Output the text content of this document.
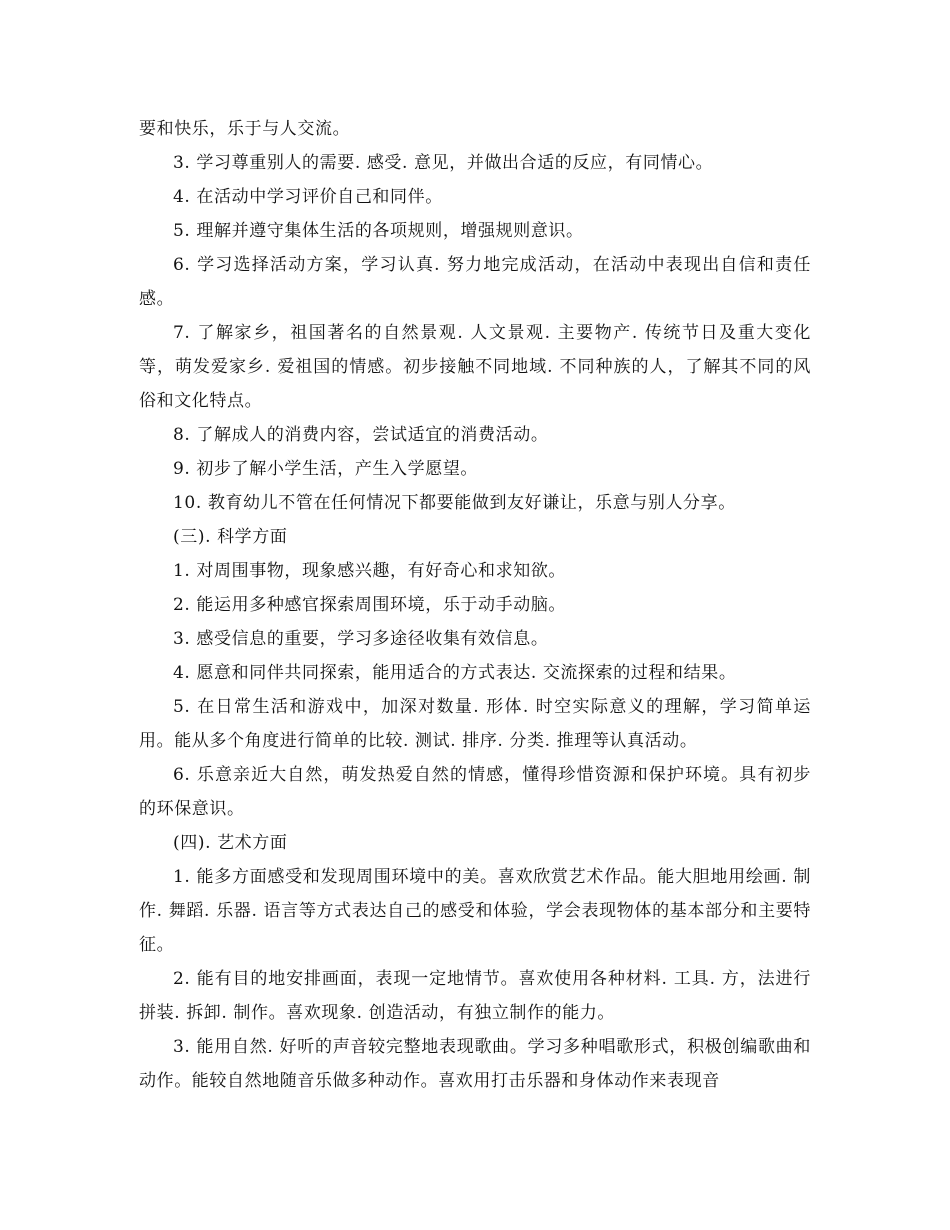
要和快乐，乐于与人交流。

3. 学习尊重别人的需要. 感受. 意见，并做出合适的反应，有同情心。

4. 在活动中学习评价自己和同伴。

5. 理解并遵守集体生活的各项规则，增强规则意识。

6. 学习选择活动方案，学习认真. 努力地完成活动，在活动中表现出自信和责任感。

7. 了解家乡，祖国著名的自然景观. 人文景观. 主要物产. 传统节日及重大变化等，萌发爱家乡. 爱祖国的情感。初步接触不同地域. 不同种族的人，了解其不同的风俗和文化特点。

8. 了解成人的消费内容，尝试适宜的消费活动。

9. 初步了解小学生活，产生入学愿望。

10. 教育幼儿不管在任何情况下都要能做到友好谦让，乐意与别人分享。

(三). 科学方面

1. 对周围事物，现象感兴趣，有好奇心和求知欲。

2. 能运用多种感官探索周围环境，乐于动手动脑。

3. 感受信息的重要，学习多途径收集有效信息。

4. 愿意和同伴共同探索，能用适合的方式表达. 交流探索的过程和结果。

5. 在日常生活和游戏中，加深对数量. 形体. 时空实际意义的理解，学习简单运用。能从多个角度进行简单的比较. 测试. 排序. 分类. 推理等认真活动。

6. 乐意亲近大自然，萌发热爱自然的情感，懂得珍惜资源和保护环境。具有初步的环保意识。

(四). 艺术方面

1. 能多方面感受和发现周围环境中的美。喜欢欣赏艺术作品。能大胆地用绘画. 制作. 舞蹈. 乐器. 语言等方式表达自己的感受和体验，学会表现物体的基本部分和主要特征。

2. 能有目的地安排画面，表现一定地情节。喜欢使用各种材料. 工具. 方，法进行拼装. 拆卸. 制作。喜欢现象. 创造活动，有独立制作的能力。

3. 能用自然. 好听的声音较完整地表现歌曲。学习多种唱歌形式，积极创编歌曲和动作。能较自然地随音乐做多种动作。喜欢用打击乐器和身体动作来表现音
